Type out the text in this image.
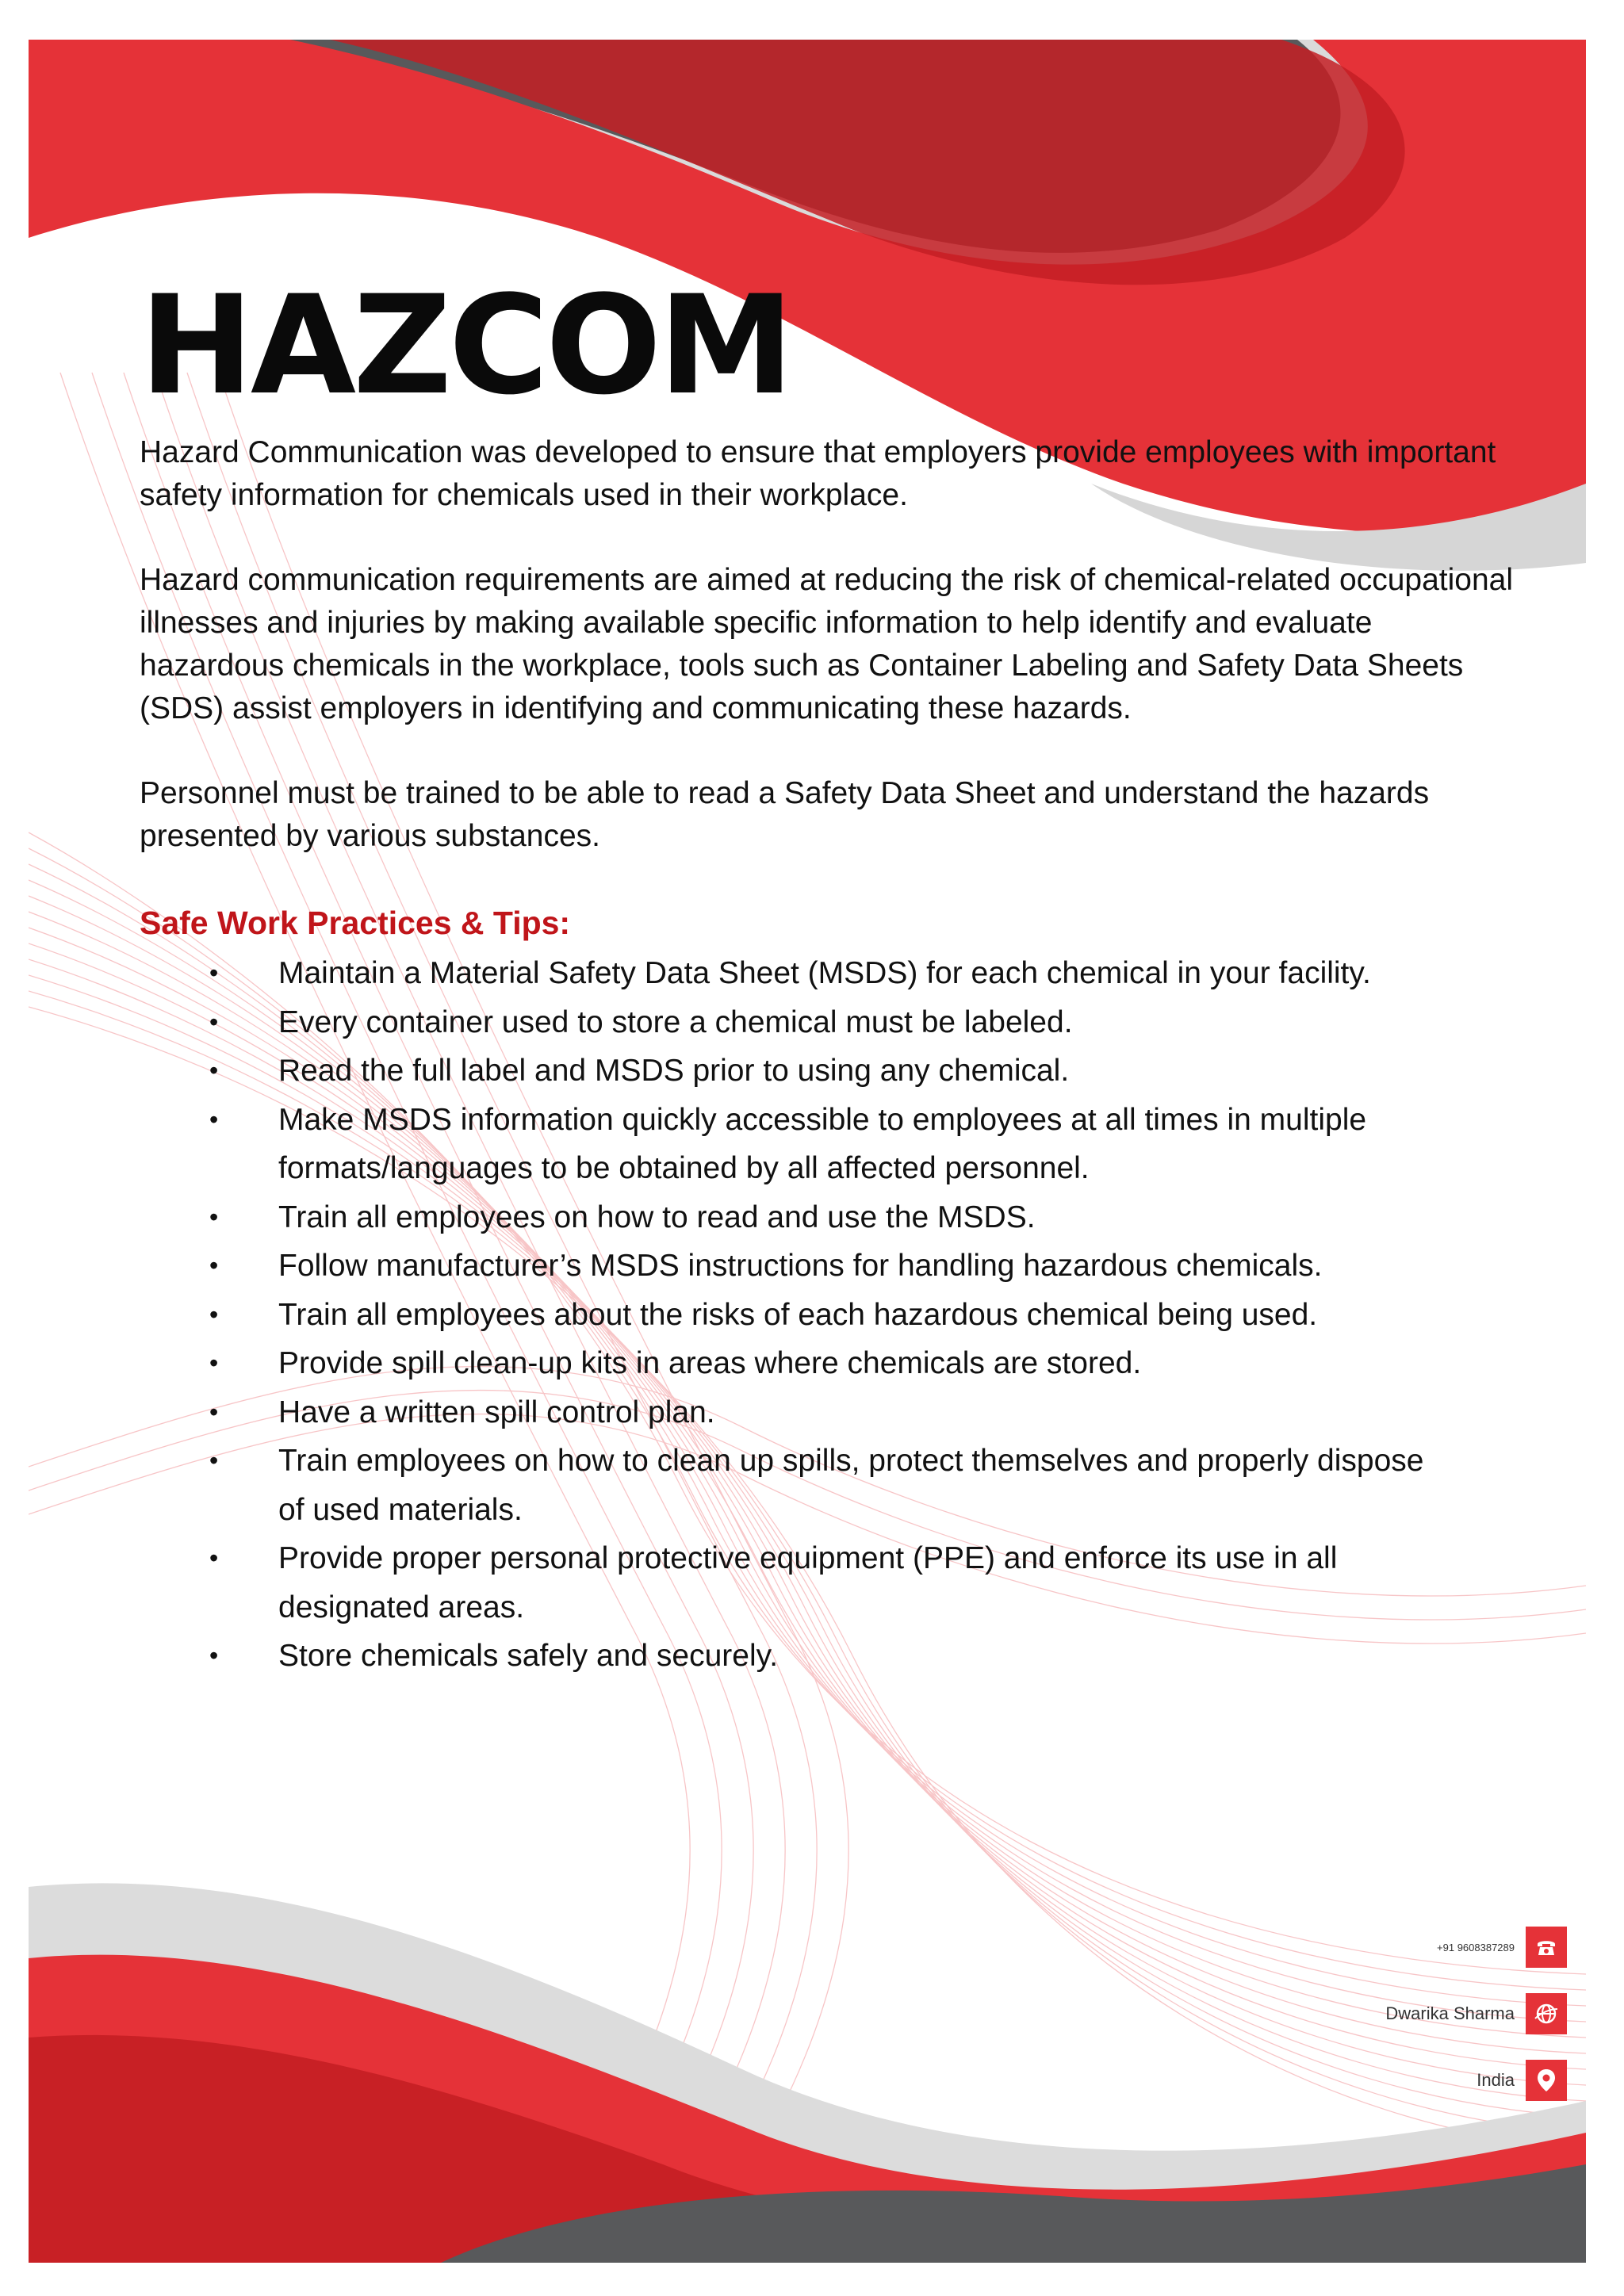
HAZCOM

Hazard Communication was developed to ensure that employers provide employees with important safety information for chemicals used in their workplace.

Hazard communication requirements are aimed at reducing the risk of chemical-related occupational illnesses and injuries by making available specific information to help identify and evaluate hazardous chemicals in the workplace, tools such as Container Labeling and Safety Data Sheets (SDS) assist employers in identifying and communicating these hazards.

Personnel must be trained to be able to read a Safety Data Sheet and understand the hazards presented by various substances.

Safe Work Practices & Tips:
• Maintain a Material Safety Data Sheet (MSDS) for each chemical in your facility.
• Every container used to store a chemical must be labeled.
• Read the full label and MSDS prior to using any chemical.
• Make MSDS information quickly accessible to employees at all times in multiple formats/languages to be obtained by all affected personnel.
• Train all employees on how to read and use the MSDS.
• Follow manufacturer’s MSDS instructions for handling hazardous chemicals.
• Train all employees about the risks of each hazardous chemical being used.
• Provide spill clean-up kits in areas where chemicals are stored.
• Have a written spill control plan.
• Train employees on how to clean up spills, protect themselves and properly dispose of used materials.
• Provide proper personal protective equipment (PPE) and enforce its use in all designated areas.
• Store chemicals safely and securely.
+91 9608387289
Dwarika Sharma
India
